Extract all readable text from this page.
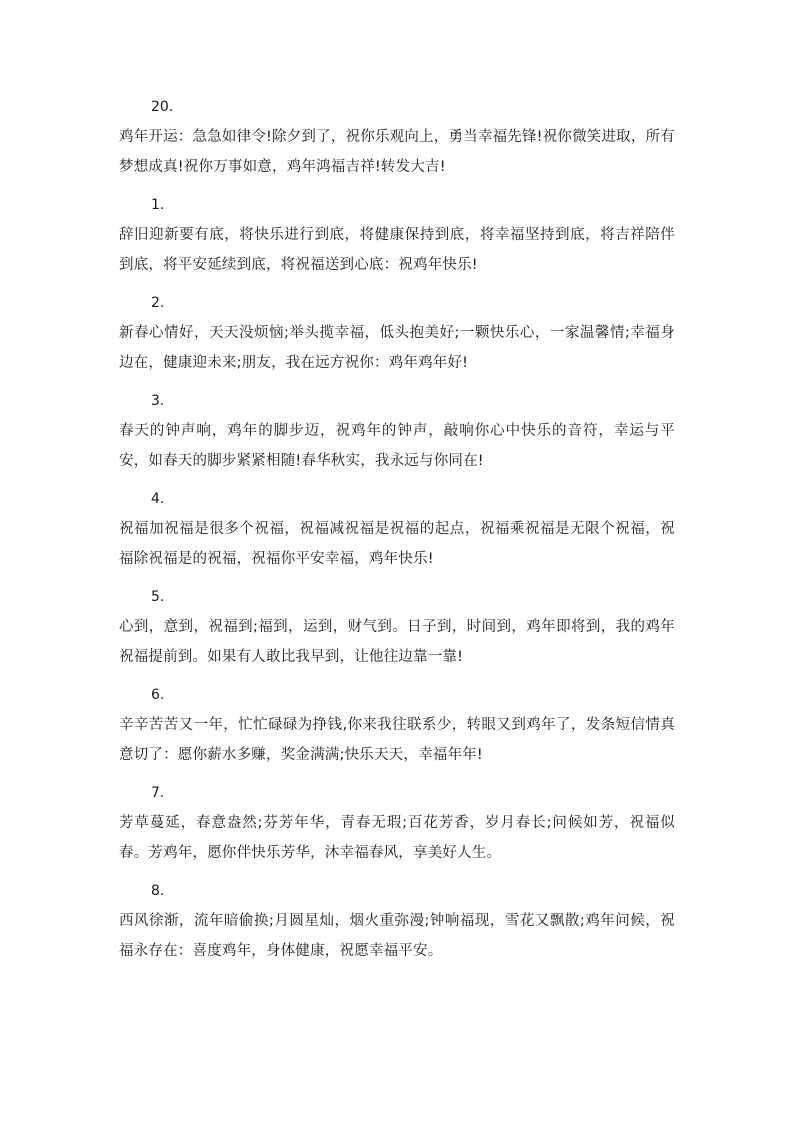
20.
鸡年开运：急急如律令!除夕到了，祝你乐观向上，勇当幸福先锋!祝你微笑进取，所有梦想成真!祝你万事如意，鸡年鸿福吉祥!转发大吉!
1.
辞旧迎新要有底，将快乐进行到底，将健康保持到底，将幸福坚持到底，将吉祥陪伴到底，将平安延续到底，将祝福送到心底：祝鸡年快乐!
2.
新春心情好，天天没烦恼;举头揽幸福，低头抱美好;一颗快乐心，一家温馨情;幸福身边在，健康迎未来;朋友，我在远方祝你：鸡年鸡年好!
3.
春天的钟声响，鸡年的脚步迈，祝鸡年的钟声，敲响你心中快乐的音符，幸运与平安，如春天的脚步紧紧相随!春华秋实，我永远与你同在!
4.
祝福加祝福是很多个祝福，祝福减祝福是祝福的起点，祝福乘祝福是无限个祝福，祝福除祝福是的祝福，祝福你平安幸福，鸡年快乐!
5.
心到，意到，祝福到;福到，运到，财气到。日子到，时间到，鸡年即将到，我的鸡年祝福提前到。如果有人敢比我早到，让他往边靠一靠!
6.
辛辛苦苦又一年，忙忙碌碌为挣钱,你来我往联系少，转眼又到鸡年了，发条短信情真意切了：愿你薪水多赚，奖金满满;快乐天天，幸福年年!
7.
芳草蔓延，春意盎然;芬芳年华，青春无瑕;百花芳香，岁月春长;问候如芳，祝福似春。芳鸡年，愿你伴快乐芳华，沐幸福春风，享美好人生。
8.
西风徐渐，流年暗偷换;月圆星灿，烟火重弥漫;钟响福现，雪花又飘散;鸡年问候，祝福永存在：喜度鸡年，身体健康，祝愿幸福平安。
